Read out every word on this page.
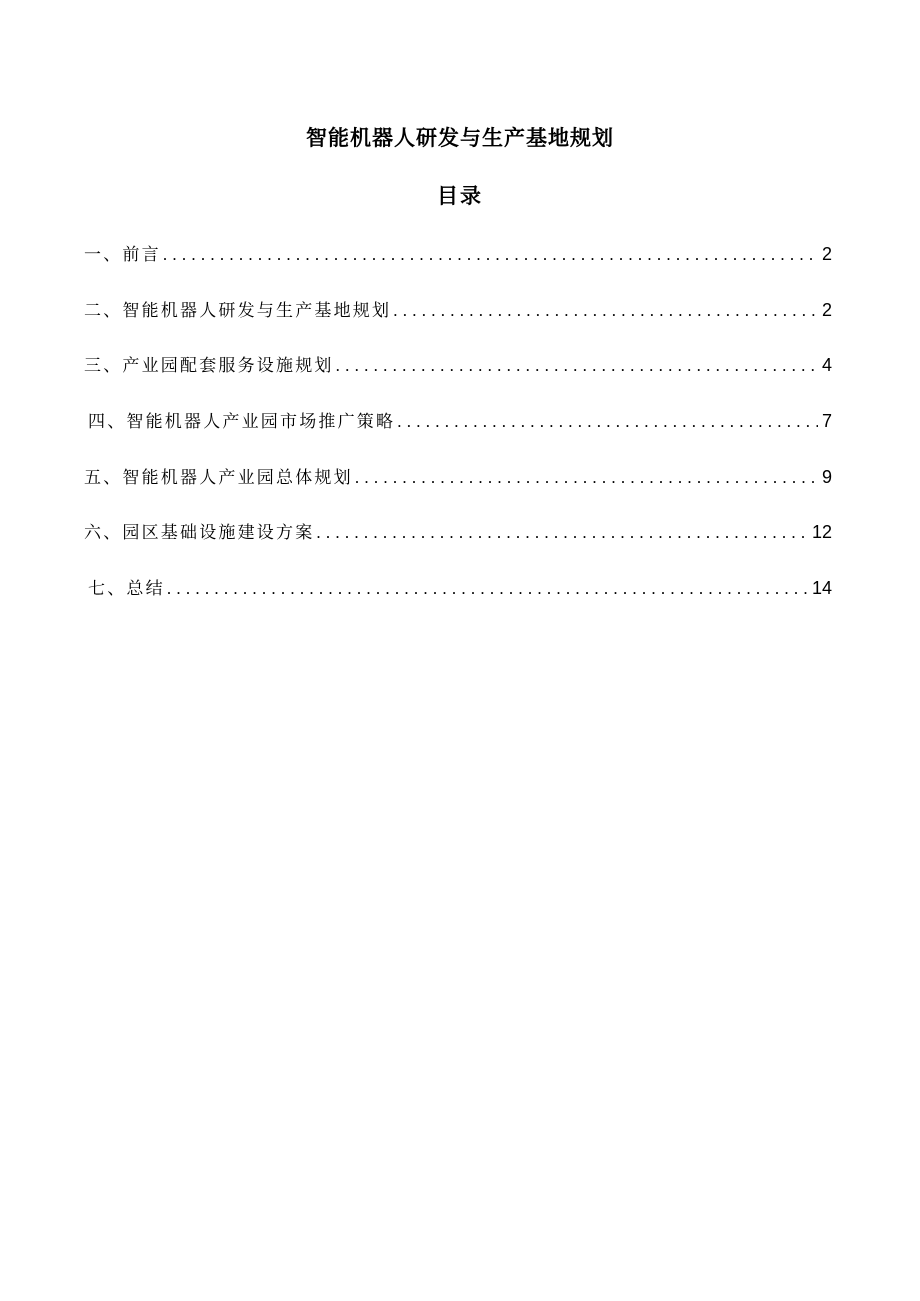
智能机器人研发与生产基地规划
目录
一、前言 . . .	2
二、智能机器人研发与生产基地规划 . . .	2
三、产业园配套服务设施规划 . . .	4
四、智能机器人产业园市场推广策略 . . .	7
五、智能机器人产业园总体规划 . . .	9
六、园区基础设施建设方案 . . .	12
七、总结 . . .	14
